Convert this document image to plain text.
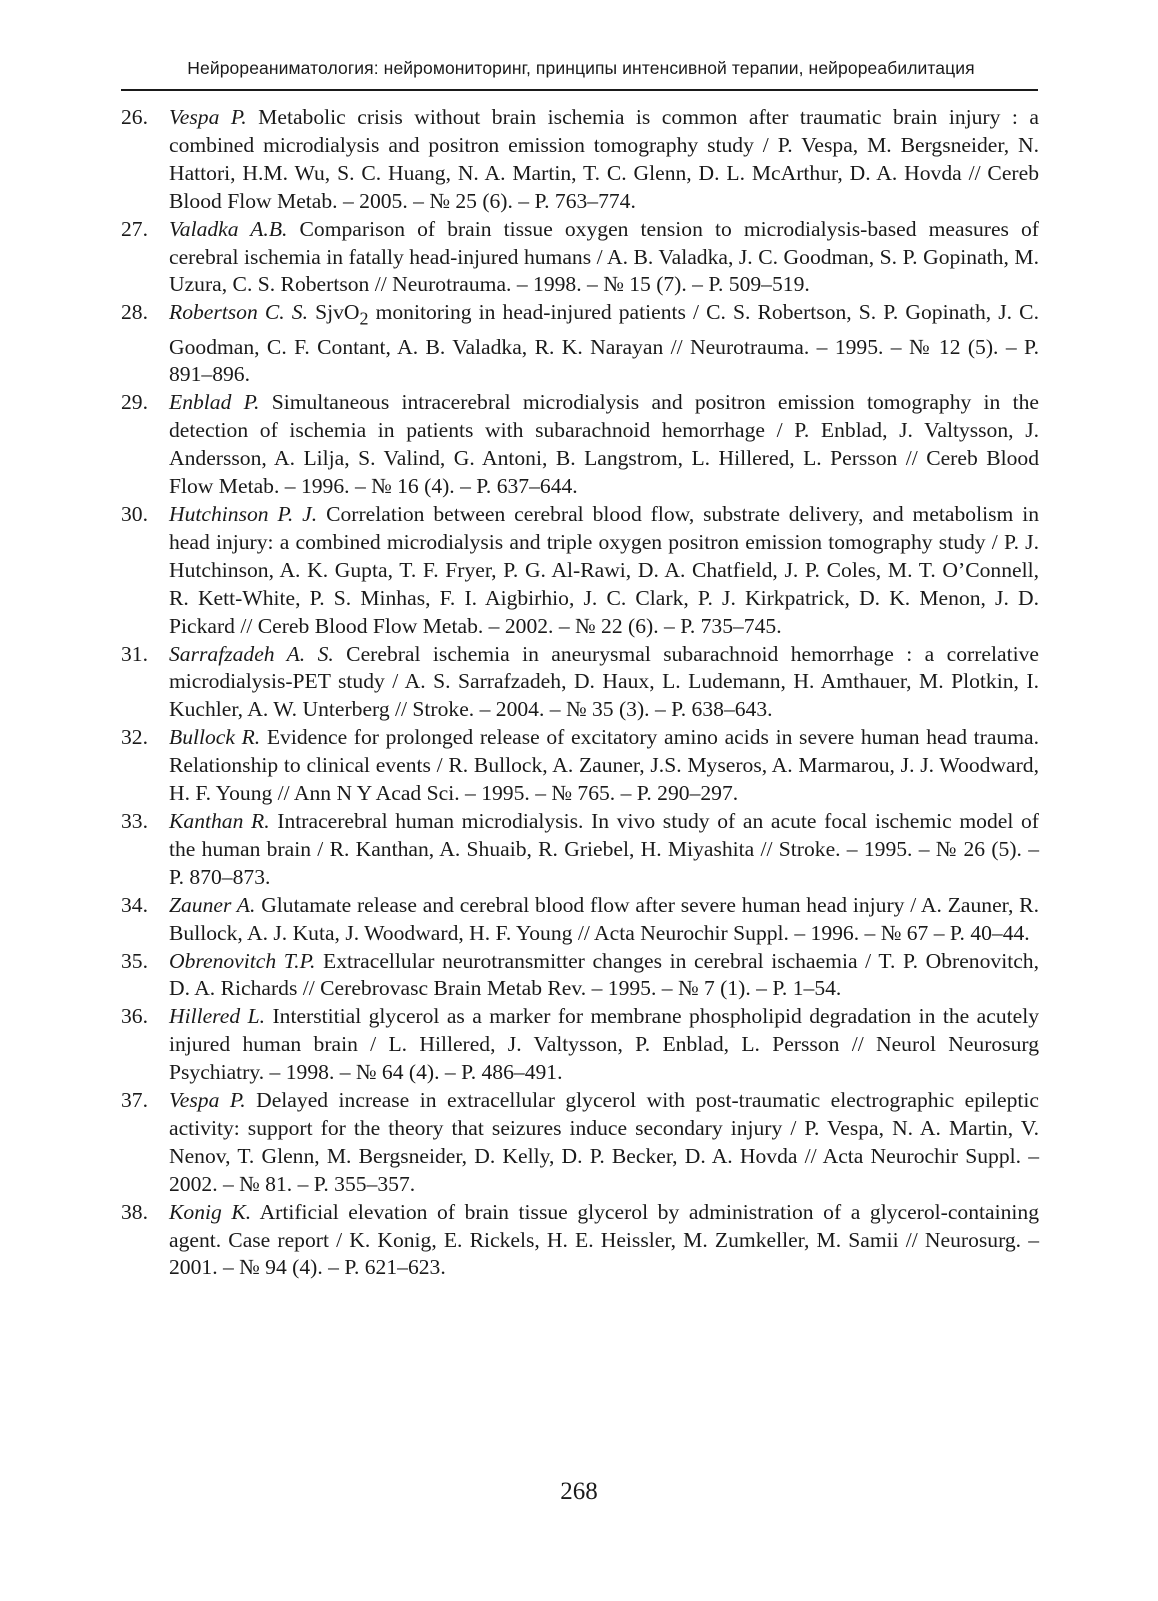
Нейрореаниматология: нейромониторинг, принципы интенсивной терапии, нейрореабилитация
26. Vespa P. Metabolic crisis without brain ischemia is common after traumatic brain injury : a combined microdialysis and positron emission tomography study / P. Vespa, M. Bergsneider, N. Hattori, H.M. Wu, S. C. Huang, N. A. Martin, T. C. Glenn, D. L. McArthur, D. A. Hovda // Cereb Blood Flow Metab. – 2005. – № 25 (6). – P. 763–774.
27. Valadka A.B. Comparison of brain tissue oxygen tension to microdialysis-based measures of cerebral ischemia in fatally head-injured humans / A. B. Valadka, J. C. Goodman, S. P. Gopinath, M. Uzura, C. S. Robertson // Neurotrauma. – 1998. – № 15 (7). – P. 509–519.
28. Robertson C. S. SjvO$_2$ monitoring in head-injured patients / C. S. Robertson, S. P. Gopinath, J. C. Goodman, C. F. Contant, A. B. Valadka, R. K. Narayan // Neurotrauma. – 1995. – № 12 (5). – P. 891–896.
29. Enblad P. Simultaneous intracerebral microdialysis and positron emission tomography in the detection of ischemia in patients with subarachnoid hemorrhage / P. Enblad, J. Valtysson, J. Andersson, A. Lilja, S. Valind, G. Antoni, B. Langstrom, L. Hillered, L. Persson // Cereb Blood Flow Metab. – 1996. – № 16 (4). – P. 637–644.
30. Hutchinson P. J. Correlation between cerebral blood flow, substrate delivery, and metabolism in head injury: a combined microdialysis and triple oxygen positron emission tomography study / P. J. Hutchinson, A. K. Gupta, T. F. Fryer, P. G. Al-Rawi, D. A. Chatfield, J. P. Coles, M. T. O’Connell, R. Kett-White, P. S. Minhas, F. I. Aigbirhio, J. C. Clark, P. J. Kirkpatrick, D. K. Menon, J. D. Pickard // Cereb Blood Flow Metab. – 2002. – № 22 (6). – P. 735–745.
31. Sarrafzadeh A. S. Cerebral ischemia in aneurysmal subarachnoid hemorrhage : a correlative microdialysis-PET study / A. S. Sarrafzadeh, D. Haux, L. Ludemann, H. Amthauer, M. Plotkin, I. Kuchler, A. W. Unterberg // Stroke. – 2004. – № 35 (3). – P. 638–643.
32. Bullock R. Evidence for prolonged release of excitatory amino acids in severe human head trauma. Relationship to clinical events / R. Bullock, A. Zauner, J.S. Myseros, A. Marmarou, J. J. Woodward, H. F. Young // Ann N Y Acad Sci. – 1995. – № 765. – P. 290–297.
33. Kanthan R. Intracerebral human microdialysis. In vivo study of an acute focal ischemic model of the human brain / R. Kanthan, A. Shuaib, R. Griebel, H. Miyashita // Stroke. – 1995. – № 26 (5). – P. 870–873.
34. Zauner A. Glutamate release and cerebral blood flow after severe human head injury / A. Zauner, R. Bullock, A. J. Kuta, J. Woodward, H. F. Young // Acta Neurochir Suppl. – 1996. – № 67 – P. 40–44.
35. Obrenovitch T.P. Extracellular neurotransmitter changes in cerebral ischaemia / T. P. Obrenovitch, D. A. Richards // Cerebrovasc Brain Metab Rev. – 1995. – № 7 (1). – P. 1–54.
36. Hillered L. Interstitial glycerol as a marker for membrane phospholipid degradation in the acutely injured human brain / L. Hillered, J. Valtysson, P. Enblad, L. Persson // Neurol Neurosurg Psychiatry. – 1998. – № 64 (4). – P. 486–491.
37. Vespa P. Delayed increase in extracellular glycerol with post-traumatic electrographic epileptic activity: support for the theory that seizures induce secondary injury / P. Vespa, N. A. Martin, V. Nenov, T. Glenn, M. Bergsneider, D. Kelly, D. P. Becker, D. A. Hovda // Acta Neurochir Suppl. – 2002. – № 81. – P. 355–357.
38. Konig K. Artificial elevation of brain tissue glycerol by administration of a glycerol-containing agent. Case report / K. Konig, E. Rickels, H. E. Heissler, M. Zumkeller, M. Samii // Neurosurg. – 2001. – № 94 (4). – P. 621–623.
268
